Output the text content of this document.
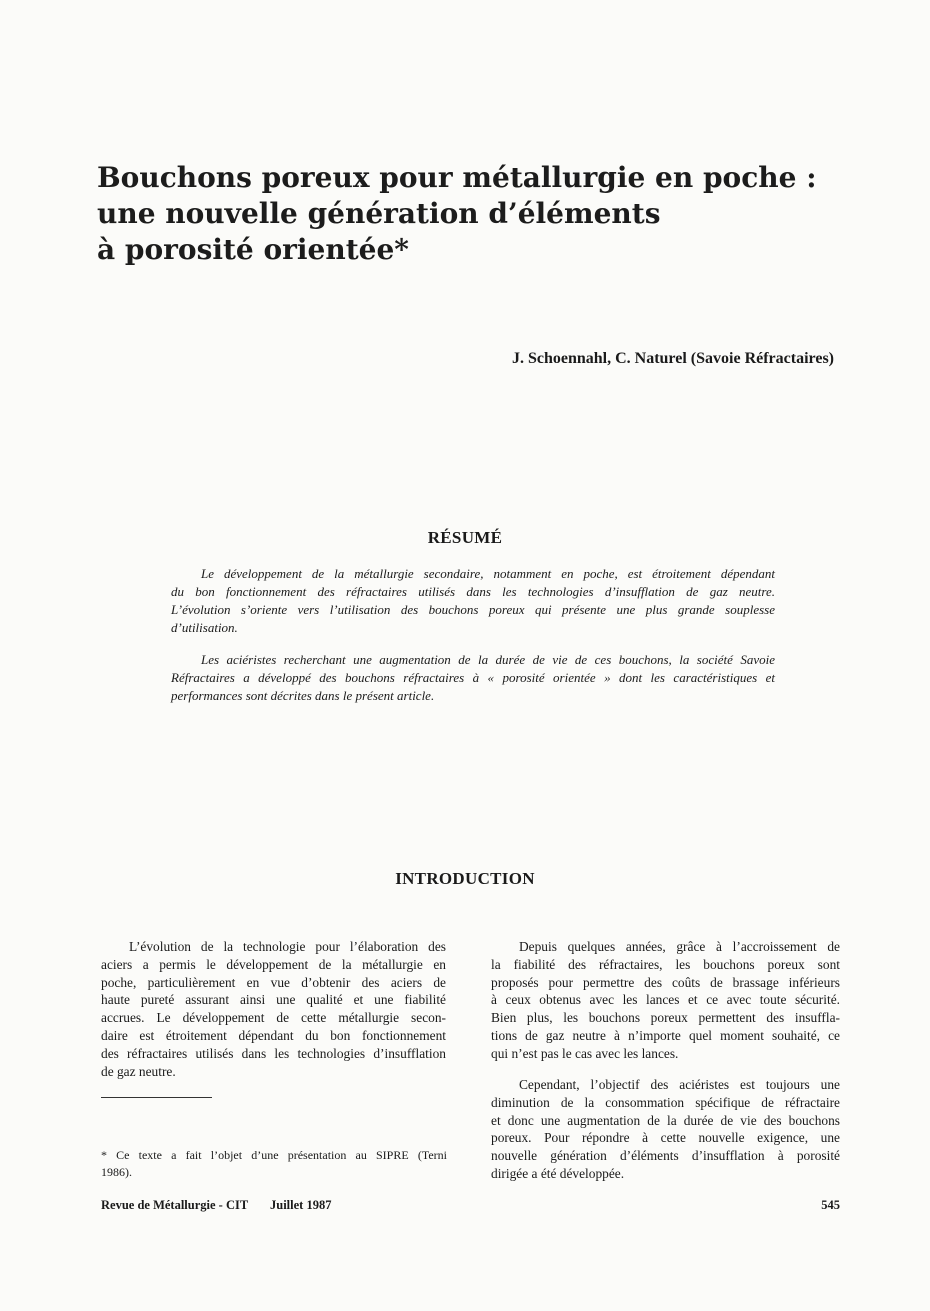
Bouchons poreux pour métallurgie en poche :
une nouvelle génération d’éléments
à porosité orientée*
J. Schoennahl, C. Naturel (Savoie Réfractaires)
RÉSUMÉ
Le développement de la métallurgie secondaire, notamment en poche, est étroitement dépendant
du bon fonctionnement des réfractaires utilisés dans les technologies d’insufflation de gaz neutre.
L’évolution s’oriente vers l’utilisation des bouchons poreux qui présente une plus grande souplesse
d’utilisation.
Les aciéristes recherchant une augmentation de la durée de vie de ces bouchons, la société Savoie
Réfractaires a développé des bouchons réfractaires à « porosité orientée » dont les caractéristiques et
performances sont décrites dans le présent article.
INTRODUCTION
L’évolution de la technologie pour l’élaboration des
aciers a permis le développement de la métallurgie en
poche, particulièrement en vue d’obtenir des aciers de
haute pureté assurant ainsi une qualité et une fiabilité
accrues. Le développement de cette métallurgie secon-
daire est étroitement dépendant du bon fonctionnement
des réfractaires utilisés dans les technologies d’insufflation
de gaz neutre.
Depuis quelques années, grâce à l’accroissement de
la fiabilité des réfractaires, les bouchons poreux sont
proposés pour permettre des coûts de brassage inférieurs
à ceux obtenus avec les lances et ce avec toute sécurité.
Bien plus, les bouchons poreux permettent des insuffla-
tions de gaz neutre à n’importe quel moment souhaité, ce
qui n’est pas le cas avec les lances.
Cependant, l’objectif des aciéristes est toujours une
diminution de la consommation spécifique de réfractaire
et donc une augmentation de la durée de vie des bouchons
poreux. Pour répondre à cette nouvelle exigence, une
nouvelle génération d’éléments d’insufflation à porosité
dirigée a été développée.
* Ce texte a fait l’objet d’une présentation au SIPRE (Terni
1986).
Revue de Métallurgie - CIT Juillet 1987	545
